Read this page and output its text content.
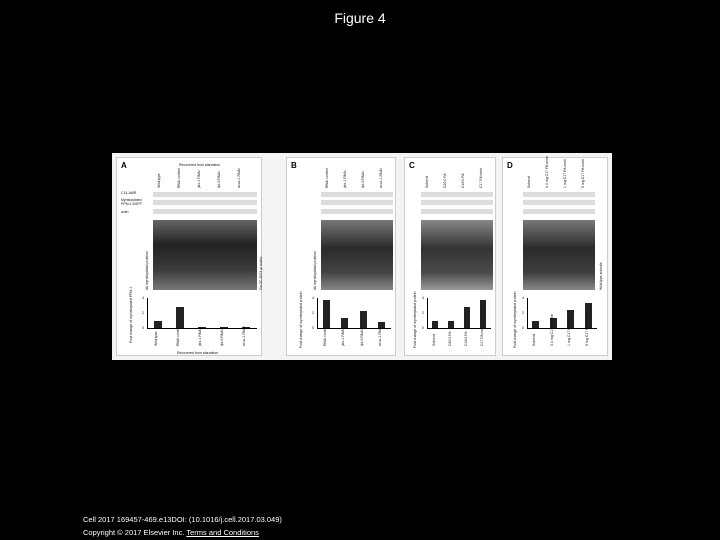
Figure 4
A	Recovered from starvation
C14-AMR
Myristoylated PPM-1.6GFP
actin
Wild-type	RNAi control	jkin-1 RNAi	lipl-5 RNAi	acox-1 RNAi
All myristoylated proteins	Gα 2C-2023 μl matrix
Fold change of myristoylated PPM-1
Recovered from starvation
0
2
4
Wild-type	RNAi control	jkin-1 RNAi	lipl-5 RNAi	acox-1 RNAi
B
RNAi control	jkin-1 RNAi	lipl-5 RNAi	acox-1 RNAi
All myristoylated proteins
Fold change of myristoylated protein	0
2
4
RNAi control	jkin-1 RNAi	lipl-5 RNAi	acox-1 RNAi
C
Solvent	C20:0 FA	C18:0 FA	C17 FA mmb
Fold change of myristoylated protein 0
2
4
Solvent	C20:0 FA	C18:0 FA	C17 FA mmb
D
Solvent	0.4 mg C17 FA mmb	1 mg C17 FA mmb	5 mg C17 FA mmb
Wild-type animals
Fold change of myristoylated protein 0
2
4
Solvent	0.4 mg C17 FA mmb	1 mg C17 FA mmb	5 mg C17 FA mmb
Cell 2017 169457-469.e13DOI: (10.1016/j.cell.2017.03.049)
Copyright © 2017 Elsevier Inc. Terms and Conditions
